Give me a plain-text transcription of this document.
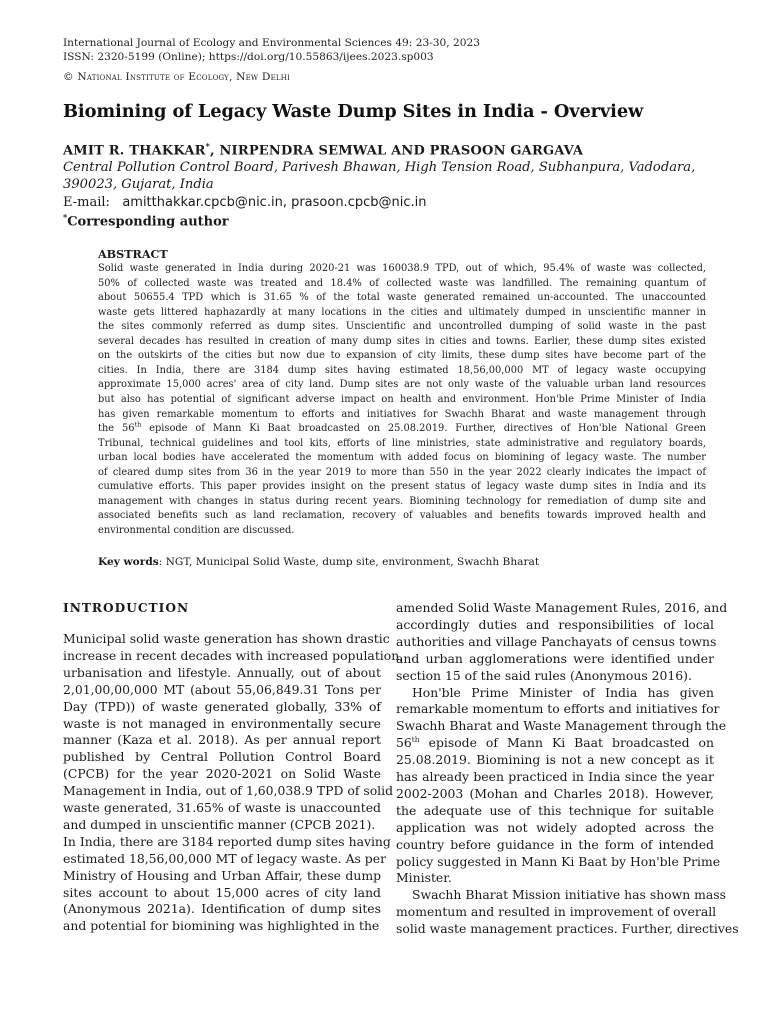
International Journal of Ecology and Environmental Sciences 49: 23-30, 2023
ISSN: 2320-5199 (Online); https://doi.org/10.55863/ijees.2023.sp003
© National Institute of Ecology, New Delhi
Biomining of Legacy Waste Dump Sites in India - Overview
AMIT R. THAKKAR*, NIRPENDRA SEMWAL AND PRASOON GARGAVA
Central Pollution Control Board, Parivesh Bhawan, High Tension Road, Subhanpura, Vadodara, 390023, Gujarat, India
E-mail: amitthakkar.cpcb@nic.in, prasoon.cpcb@nic.in
*Corresponding author
ABSTRACT
Solid waste generated in India during 2020-21 was 160038.9 TPD, out of which, 95.4% of waste was collected,
50% of collected waste was treated and 18.4% of collected waste was landfilled. The remaining quantum of
about 50655.4 TPD which is 31.65 % of the total waste generated remained un-accounted. The unaccounted
waste gets littered haphazardly at many locations in the cities and ultimately dumped in unscientific manner in
the sites commonly referred as dump sites. Unscientific and uncontrolled dumping of solid waste in the past
several decades has resulted in creation of many dump sites in cities and towns. Earlier, these dump sites existed
on the outskirts of the cities but now due to expansion of city limits, these dump sites have become part of the
cities. In India, there are 3184 dump sites having estimated 18,56,00,000 MT of legacy waste occupying
approximate 15,000 acres' area of city land. Dump sites are not only waste of the valuable urban land resources
but also has potential of significant adverse impact on health and environment. Hon'ble Prime Minister of India
has given remarkable momentum to efforts and initiatives for Swachh Bharat and waste management through
the 56th episode of Mann Ki Baat broadcasted on 25.08.2019. Further, directives of Hon'ble National Green
Tribunal, technical guidelines and tool kits, efforts of line ministries, state administrative and regulatory boards,
urban local bodies have accelerated the momentum with added focus on biomining of legacy waste. The number
of cleared dump sites from 36 in the year 2019 to more than 550 in the year 2022 clearly indicates the impact of
cumulative efforts. This paper provides insight on the present status of legacy waste dump sites in India and its
management with changes in status during recent years. Biomining technology for remediation of dump site and
associated benefits such as land reclamation, recovery of valuables and benefits towards improved health and
environmental condition are discussed.
Key words: NGT, Municipal Solid Waste, dump site, environment, Swachh Bharat
INTRODUCTION
Municipal solid waste generation has shown drastic
increase in recent decades with increased population,
urbanisation and lifestyle. Annually, out of about
2,01,00,00,000 MT (about 55,06,849.31 Tons per
Day (TPD)) of waste generated globally, 33% of
waste is not managed in environmentally secure
manner (Kaza et al. 2018). As per annual report
published by Central Pollution Control Board
(CPCB) for the year 2020-2021 on Solid Waste
Management in India, out of 1,60,038.9 TPD of solid
waste generated, 31.65% of waste is unaccounted
and dumped in unscientific manner (CPCB 2021).
In India, there are 3184 reported dump sites having
estimated 18,56,00,000 MT of legacy waste. As per
Ministry of Housing and Urban Affair, these dump
sites account to about 15,000 acres of city land
(Anonymous 2021a). Identification of dump sites
and potential for biomining was highlighted in the
amended Solid Waste Management Rules, 2016, and
accordingly duties and responsibilities of local
authorities and village Panchayats of census towns
and urban agglomerations were identified under
section 15 of the said rules (Anonymous 2016).
Hon'ble Prime Minister of India has given
remarkable momentum to efforts and initiatives for
Swachh Bharat and Waste Management through the
56th episode of Mann Ki Baat broadcasted on
25.08.2019. Biomining is not a new concept as it
has already been practiced in India since the year
2002-2003 (Mohan and Charles 2018). However,
the adequate use of this technique for suitable
application was not widely adopted across the
country before guidance in the form of intended
policy suggested in Mann Ki Baat by Hon'ble Prime
Minister.
Swachh Bharat Mission initiative has shown mass
momentum and resulted in improvement of overall
solid waste management practices. Further, directives
